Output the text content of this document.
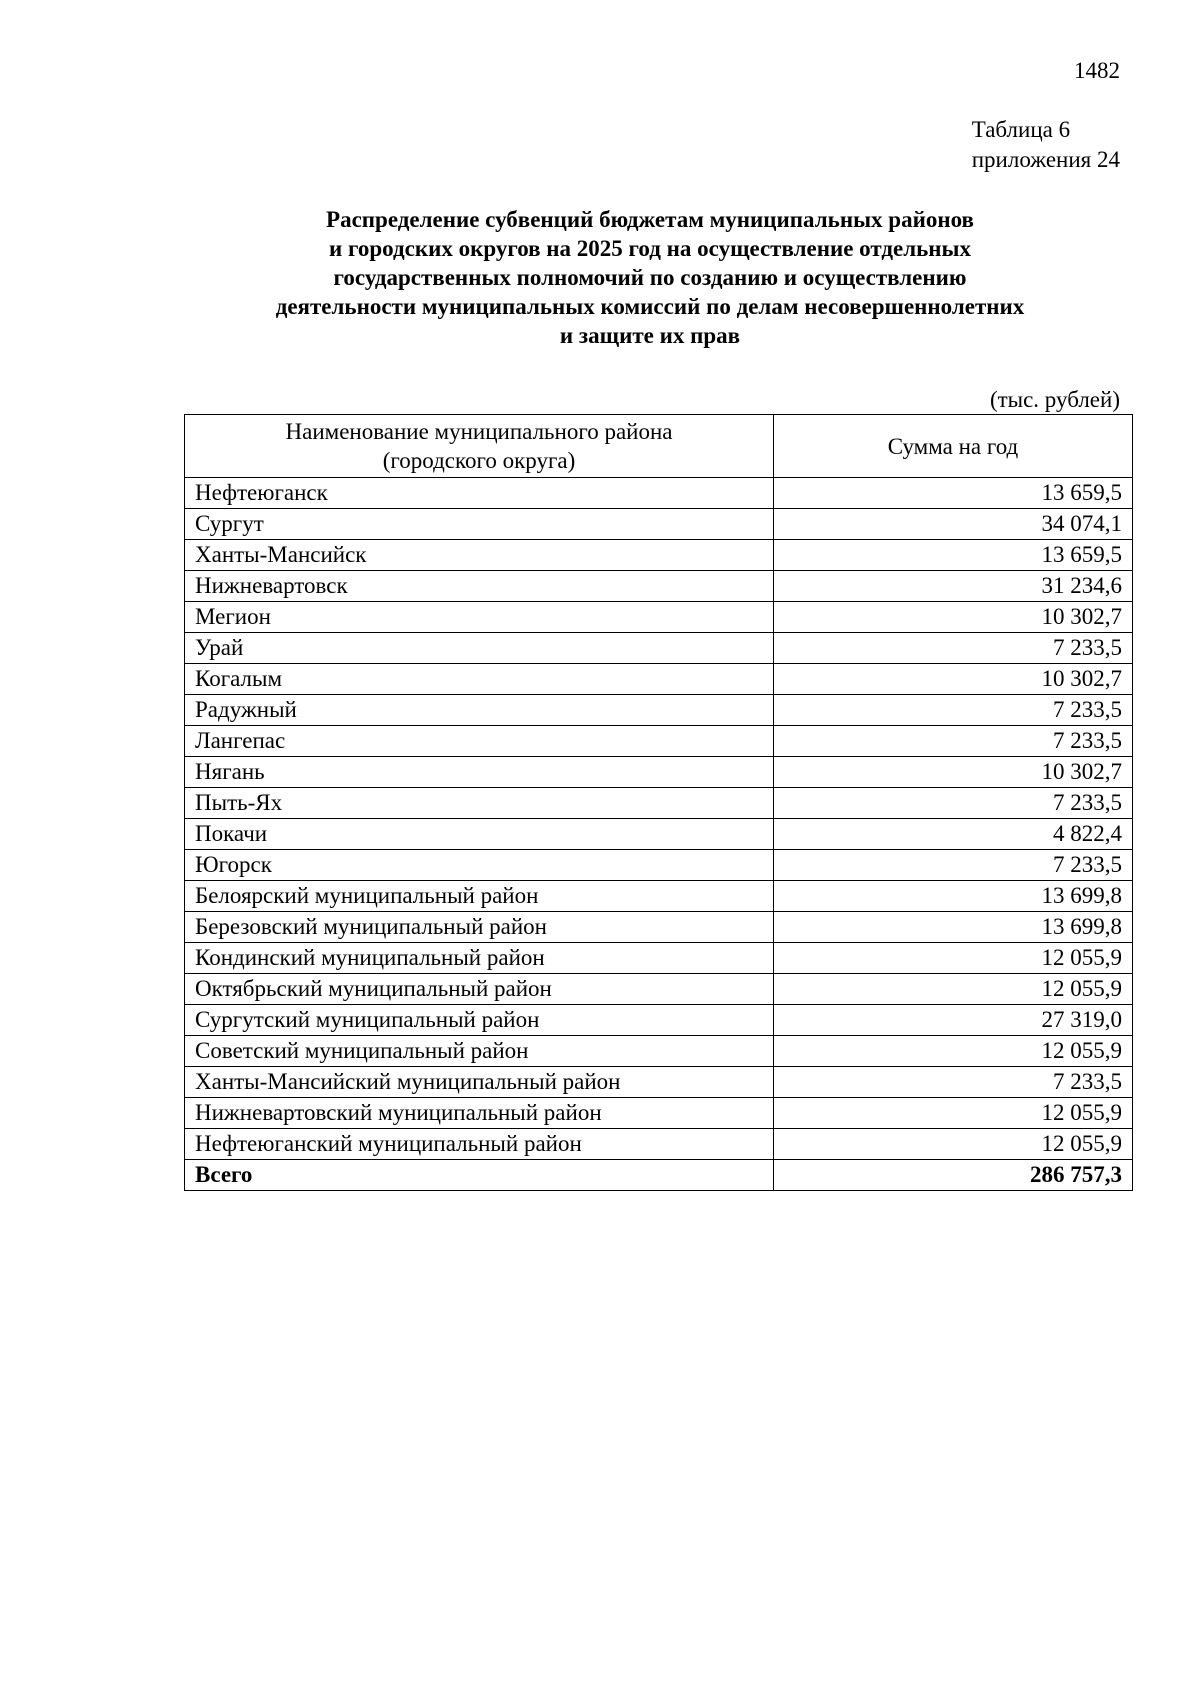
1482
Таблица 6
приложения 24
Распределение субвенций бюджетам муниципальных районов
и городских округов на 2025 год на осуществление отдельных
государственных полномочий по созданию и осуществлению
деятельности муниципальных комиссий по делам несовершеннолетних
и защите их прав
(тыс. рублей)
Наименование муниципального района
(городского округа)	Сумма на год
Нефтеюганск	13 659,5
Сургут	34 074,1
Ханты-Мансийск	13 659,5
Нижневартовск	31 234,6
Мегион	10 302,7
Урай	7 233,5
Когалым	10 302,7
Радужный	7 233,5
Лангепас	7 233,5
Нягань	10 302,7
Пыть-Ях	7 233,5
Покачи	4 822,4
Югорск	7 233,5
Белоярский муниципальный район	13 699,8
Березовский муниципальный район	13 699,8
Кондинский муниципальный район	12 055,9
Октябрьский муниципальный район	12 055,9
Сургутский муниципальный район	27 319,0
Советский муниципальный район	12 055,9
Ханты-Мансийский муниципальный район	7 233,5
Нижневартовский муниципальный район	12 055,9
Нефтеюганский муниципальный район	12 055,9
Всего	286 757,3
